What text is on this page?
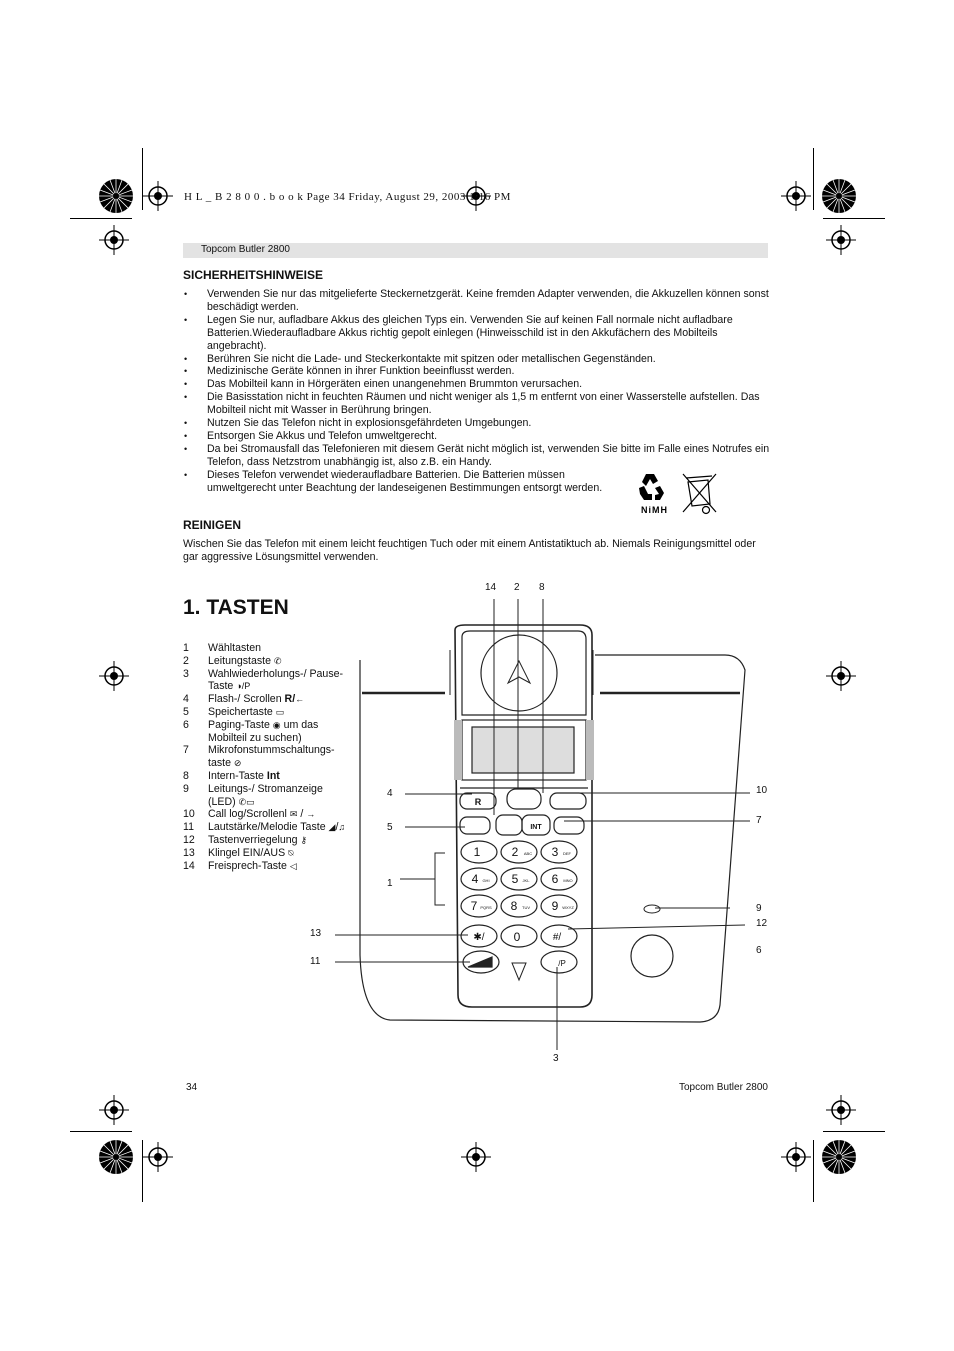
H L _ B 2 8 0 0 . b o o k Page 34 Friday, August 29, 2003 1:16 PM
Topcom Butler 2800
SICHERHEITSHINWEISE
• Verwenden Sie nur das mitgelieferte Steckernetzgerät. Keine fremden Adapter verwenden, die Akkuzellen können sonst beschädigt werden.
• Legen Sie nur, aufladbare Akkus des gleichen Typs ein. Verwenden Sie auf keinen Fall normale nicht aufladbare Batterien.Wiederaufladbare Akkus richtig gepolt einlegen (Hinweisschild ist in den Akkufächern des Mobilteils angebracht).
• Berühren Sie nicht die Lade- und Steckerkontakte mit spitzen oder metallischen Gegenständen.
• Medizinische Geräte können in ihrer Funktion beeinflusst werden.
• Das Mobilteil kann in Hörgeräten einen unangenehmen Brummton verursachen.
• Die Basisstation nicht in feuchten Räumen und nicht weniger als 1,5 m entfernt von einer Wasserstelle aufstellen. Das Mobilteil nicht mit Wasser in Berührung bringen.
• Nutzen Sie das Telefon nicht in explosionsgefährdeten Umgebungen.
• Entsorgen Sie Akkus und Telefon umweltgerecht.
• Da bei Stromausfall das Telefonieren mit diesem Gerät nicht möglich ist, verwenden Sie bitte im Falle eines Notrufes ein Telefon, dass Netzstrom unabhängig ist, also z.B. ein Handy.
• Dieses Telefon verwendet wiederaufladbare Batterien. Die Batterien müssen umweltgerecht unter Beachtung der landeseigenen Bestimmungen entsorgt werden.
NiMH
REINIGEN

Wischen Sie das Telefon mit einem leicht feuchtigen Tuch oder mit einem Antistatiktuch ab. Niemals Reinigungsmittel oder gar aggressive Lösungsmittel verwenden.

1. TASTEN
1 Wähltasten
2 Leitungstaste ✆
3 Wahlwiederholungs-/ Pause-Taste ◑/P
4 Flash-/ Scrollen R/←
5 Speichertaste ▭
6 Paging-Taste ◉ um das Mobilteil zu suchen)
7 Mikrofonstummschaltungs- taste ⊘
8 Intern-Taste Int
9 Leitungs-/ Stromanzeige (LED) ✆▭
10 Call log/Scrollenl ✉ / →
11 Lautstärke/Melodie Taste ◢/♫
12 Tastenverriegelung ⚷
13 Klingel EIN/AUS ⍉
14 Freisprech-Taste ◁
R
INT
1	2 ABC 3 DEF
4 GHI 5 JKL 6 MNO
7 PQRS 8 TUV 9 WXYZ
✱/ 0	#/
/P
14 2 8
4
5
1
13
11
10
7
9
12
6
3
34	Topcom Butler 2800
